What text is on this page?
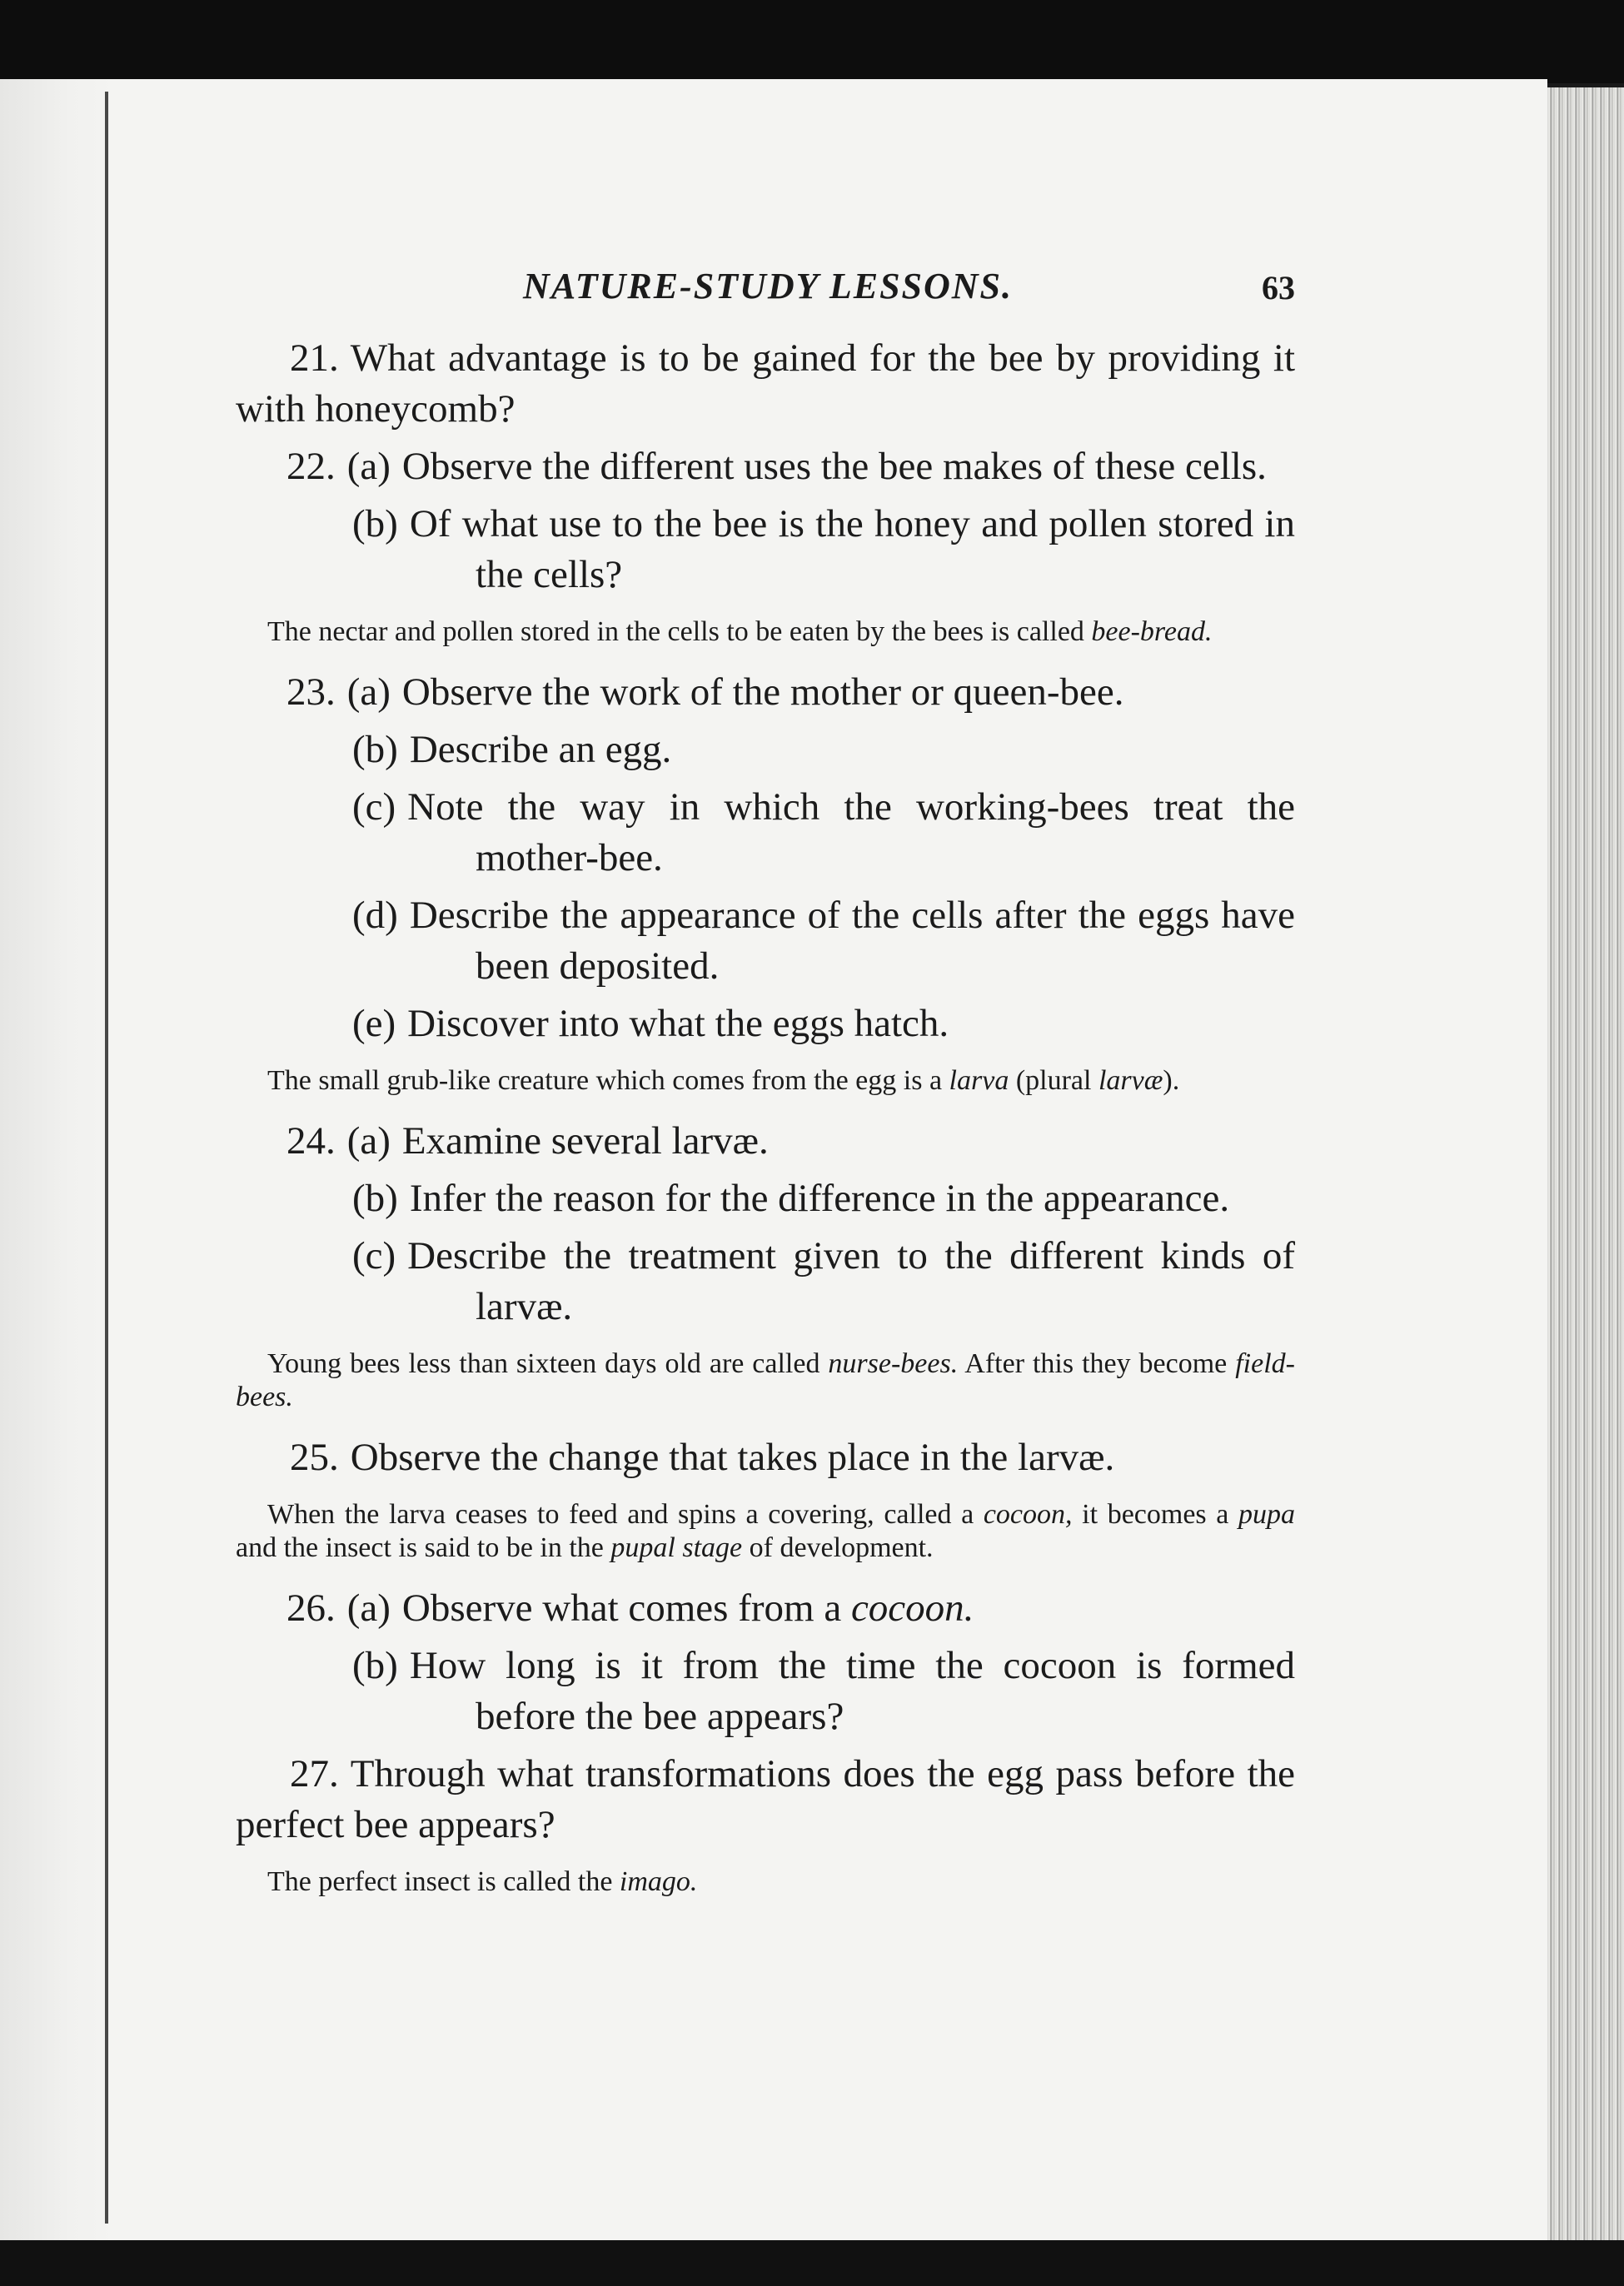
NATURE-STUDY LESSONS.	63

21. What advantage is to be gained for the bee by providing it with honeycomb?

22. (a) Observe the different uses the bee makes of these cells.

(b) Of what use to the bee is the honey and pollen stored in the cells?

The nectar and pollen stored in the cells to be eaten by the bees is called bee-bread.

23. (a) Observe the work of the mother or queen-bee.

(b) Describe an egg.

(c) Note the way in which the working-bees treat the mother-bee.

(d) Describe the appearance of the cells after the eggs have been deposited.

(e) Discover into what the eggs hatch.

The small grub-like creature which comes from the egg is a larva (plural larvæ).

24. (a) Examine several larvæ.

(b) Infer the reason for the difference in the appearance.

(c) Describe the treatment given to the different kinds of larvæ.

Young bees less than sixteen days old are called nurse-bees. After this they become field-bees.

25. Observe the change that takes place in the larvæ.

When the larva ceases to feed and spins a covering, called a cocoon, it becomes a pupa and the insect is said to be in the pupal stage of development.

26. (a) Observe what comes from a cocoon.

(b) How long is it from the time the cocoon is formed before the bee appears?

27. Through what transformations does the egg pass before the perfect bee appears?

The perfect insect is called the imago.
